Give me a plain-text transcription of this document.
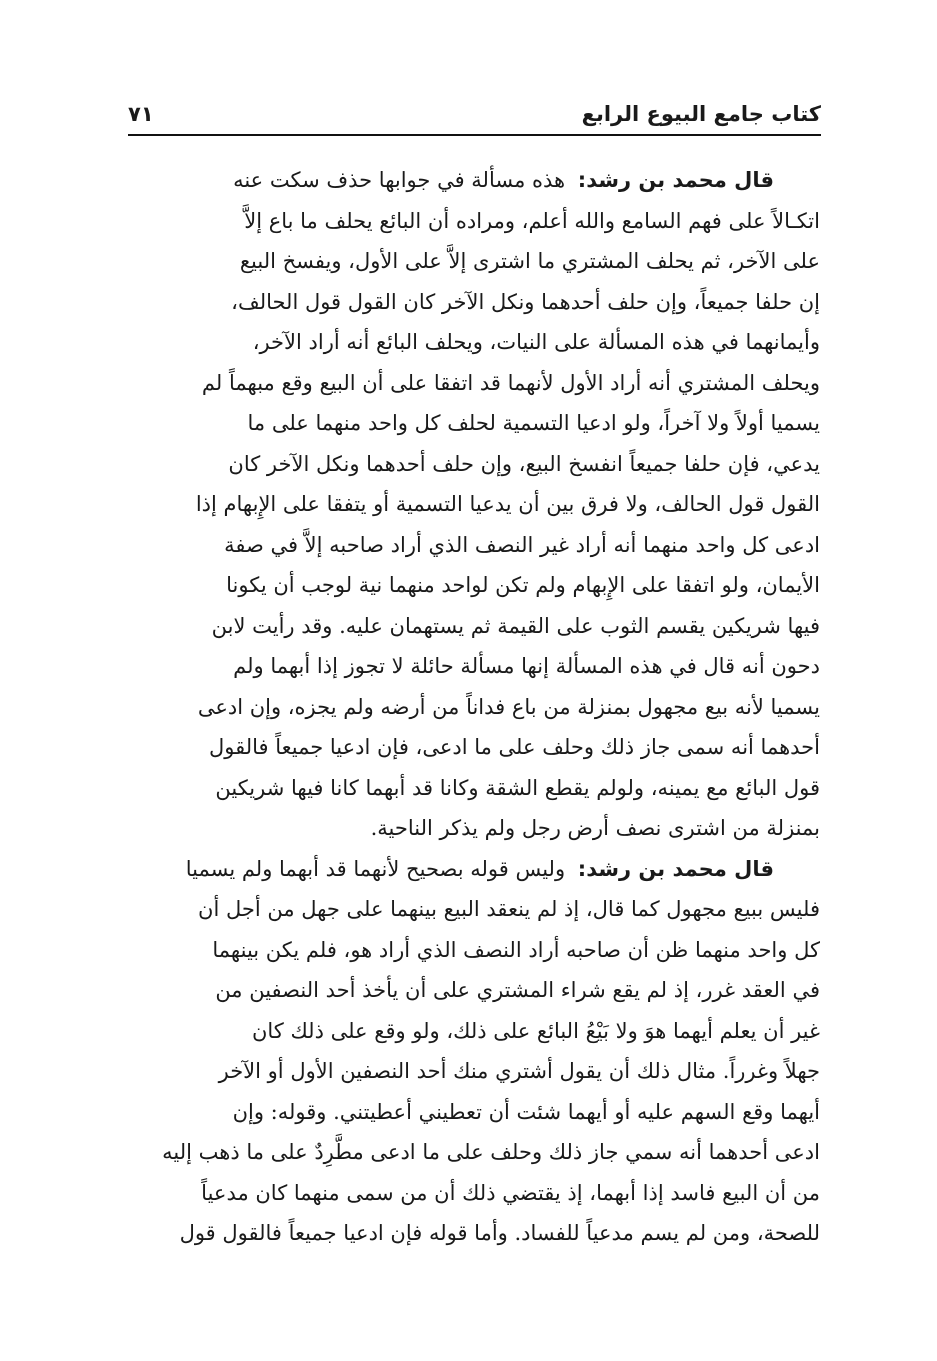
كتاب جامع البيوع الرابع
٧١
قال محمد بن رشد: هذه مسألة في جوابها حذف سكت عنه
اتكـالاً على فهم السامع والله أعلم، ومراده أن البائع يحلف ما باع إلاَّ
على الآخر، ثم يحلف المشتري ما اشترى إلاَّ على الأول، ويفسخ البيع
إن حلفا جميعاً، وإن حلف أحدهما ونكل الآخر كان القول قول الحالف،
وأيمانهما في هذه المسألة على النيات، ويحلف البائع أنه أراد الآخر،
ويحلف المشتري أنه أراد الأول لأنهما قد اتفقا على أن البيع وقع مبهماً لم
يسميا أولاً ولا آخراً، ولو ادعيا التسمية لحلف كل واحد منهما على ما
يدعي، فإن حلفا جميعاً انفسخ البيع، وإن حلف أحدهما ونكل الآخر كان
القول قول الحالف، ولا فرق بين أن يدعيا التسمية أو يتفقا على الإِبهام إذا
ادعى كل واحد منهما أنه أراد غير النصف الذي أراد صاحبه إلاَّ في صفة
الأيمان، ولو اتفقا على الإِبهام ولم تكن لواحد منهما نية لوجب أن يكونا
فيها شريكين يقسم الثوب على القيمة ثم يستهمان عليه. وقد رأيت لابن
دحون أنه قال في هذه المسألة إنها مسألة حائلة لا تجوز إذا أبهما ولم
يسميا لأنه بيع مجهول بمنزلة من باع فداناً من أرضه ولم يجزه، وإن ادعى
أحدهما أنه سمى جاز ذلك وحلف على ما ادعى، فإن ادعيا جميعاً فالقول
قول البائع مع يمينه، ولولم يقطع الشقة وكانا قد أبهما كانا فيها شريكين
بمنزلة من اشترى نصف أرض رجل ولم يذكر الناحية.
قال محمد بن رشد: وليس قوله بصحيح لأنهما قد أبهما ولم يسميا
فليس ببيع مجهول كما قال، إذ لم ينعقد البيع بينهما على جهل من أجل أن
كل واحد منهما ظن أن صاحبه أراد النصف الذي أراد هو، فلم يكن بينهما
في العقد غرر، إذ لم يقع شراء المشتري على أن يأخذ أحد النصفين من
غير أن يعلم أيهما هوَ ولا بَيْعُ البائع على ذلك، ولو وقع على ذلك كان
جهلاً وغرراً. مثال ذلك أن يقول أشتري منك أحد النصفين الأول أو الآخر
أيهما وقع السهم عليه أو أيهما شئت أن تعطيني أعطيتني. وقوله: وإن
ادعى أحدهما أنه سمي جاز ذلك وحلف على ما ادعى مطَّرِدٌ على ما ذهب إليه
من أن البيع فاسد إذا أبهما، إذ يقتضي ذلك أن من سمى منهما كان مدعياً
للصحة، ومن لم يسم مدعياً للفساد. وأما قوله فإن ادعيا جميعاً فالقول قول
